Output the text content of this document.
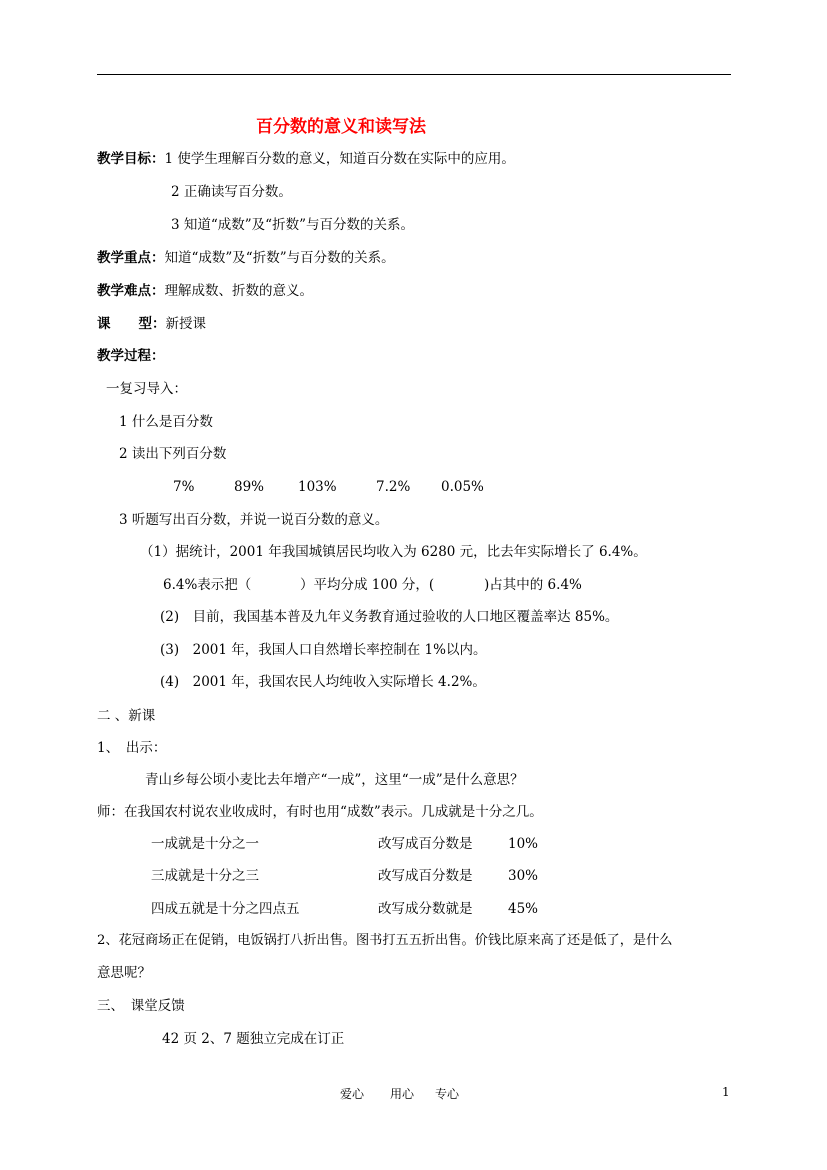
百分数的意义和读写法
教学目标：1 使学生理解百分数的意义，知道百分数在实际中的应用。
2 正确读写百分数。
3 知道“成数”及“折数”与百分数的关系。
教学重点：知道“成数”及“折数”与百分数的关系。
教学难点：理解成数、折数的意义。
课 型：新授课
教学过程：
一复习导入：
1 什么是百分数
2 读出下列百分数
7%	89%	103%	7.2% 0.05%
3 听题写出百分数，并说一说百分数的意义。
（1）据统计，2001 年我国城镇居民均收入为 6280 元，比去年实际增长了 6.4%。
6.4%表示把（	）平均分成 100 分，(	)占其中的 6.4%
(2)　目前，我国基本普及九年义务教育通过验收的人口地区覆盖率达 85%。
(3)　2001 年，我国人口自然增长率控制在 1%以内。
(4)　2001 年，我国农民人均纯收入实际增长 4.2%。
二 、新课
1、　出示：
青山乡每公顷小麦比去年增产“一成”，这里“一成”是什么意思？
师：在我国农村说农业收成时，有时也用“成数”表示。几成就是十分之几。
一成就是十分之一	改写成百分数是	10%
三成就是十分之三	改写成百分数是	30%
四成五就是十分之四点五	改写成分数就是	45%
2、花冠商场正在促销，电饭锅打八折出售。图书打五五折出售。价钱比原来高了还是低了，是什么
意思呢？
三、　课堂反馈
42 页 2、7 题独立完成在订正
爱心 用心 专心	1
